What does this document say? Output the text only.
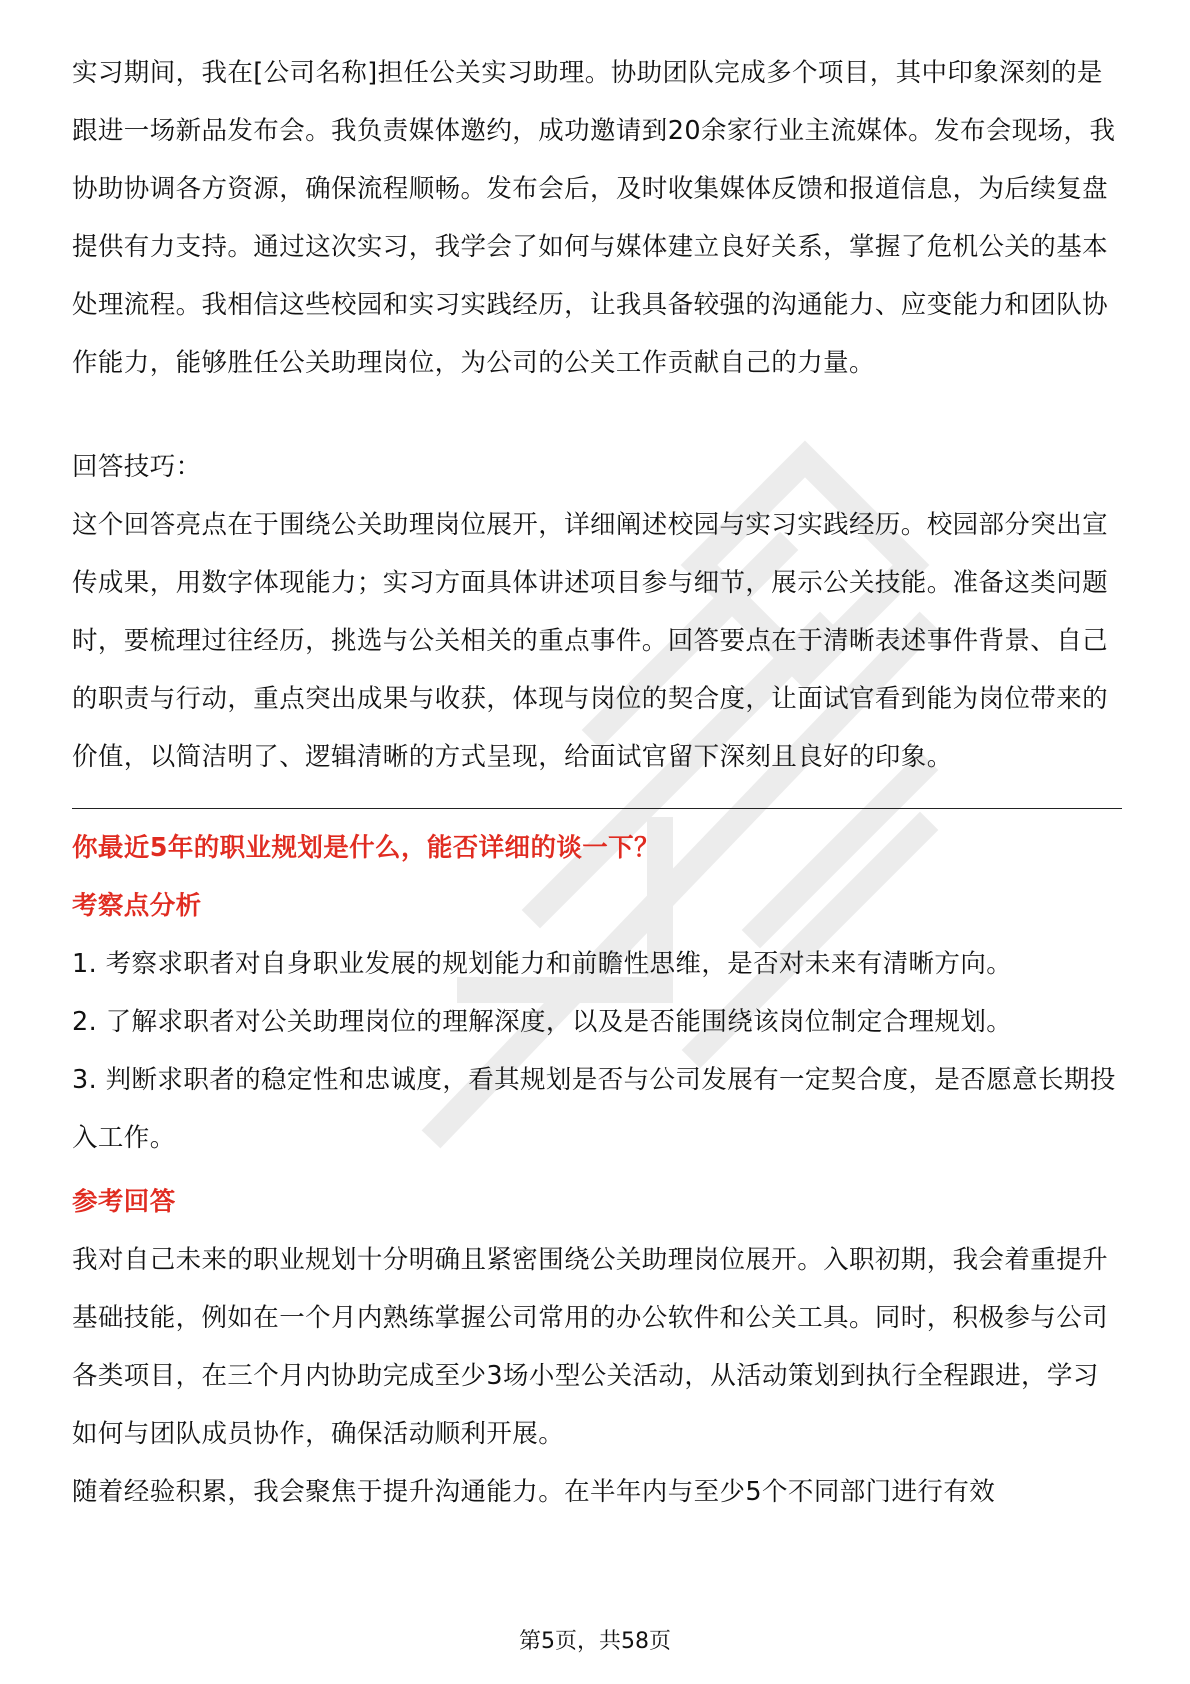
实习期间，我在[公司名称]担任公关实习助理。协助团队完成多个项目，其中印象深刻的是跟进一场新品发布会。我负责媒体邀约，成功邀请到20余家行业主流媒体。发布会现场，我协助协调各方资源，确保流程顺畅。发布会后，及时收集媒体反馈和报道信息，为后续复盘提供有力支持。通过这次实习，我学会了如何与媒体建立良好关系，掌握了危机公关的基本处理流程。我相信这些校园和实习实践经历，让我具备较强的沟通能力、应变能力和团队协作能力，能够胜任公关助理岗位，为公司的公关工作贡献自己的力量。

回答技巧：

这个回答亮点在于围绕公关助理岗位展开，详细阐述校园与实习实践经历。校园部分突出宣传成果，用数字体现能力；实习方面具体讲述项目参与细节，展示公关技能。准备这类问题时，要梳理过往经历，挑选与公关相关的重点事件。回答要点在于清晰表述事件背景、自己的职责与行动，重点突出成果与收获，体现与岗位的契合度，让面试官看到能为岗位带来的价值，以简洁明了、逻辑清晰的方式呈现，给面试官留下深刻且良好的印象。

你最近5年的职业规划是什么，能否详细的谈一下？

考察点分析

1. 考察求职者对自身职业发展的规划能力和前瞻性思维，是否对未来有清晰方向。

2. 了解求职者对公关助理岗位的理解深度，以及是否能围绕该岗位制定合理规划。

3. 判断求职者的稳定性和忠诚度，看其规划是否与公司发展有一定契合度，是否愿意长期投入工作。

参考回答

我对自己未来的职业规划十分明确且紧密围绕公关助理岗位展开。入职初期，我会着重提升基础技能，例如在一个月内熟练掌握公司常用的办公软件和公关工具。同时，积极参与公司各类项目，在三个月内协助完成至少3场小型公关活动，从活动策划到执行全程跟进，学习如何与团队成员协作，确保活动顺利开展。

随着经验积累，我会聚焦于提升沟通能力。在半年内与至少5个不同部门进行有效

第5页，共58页
